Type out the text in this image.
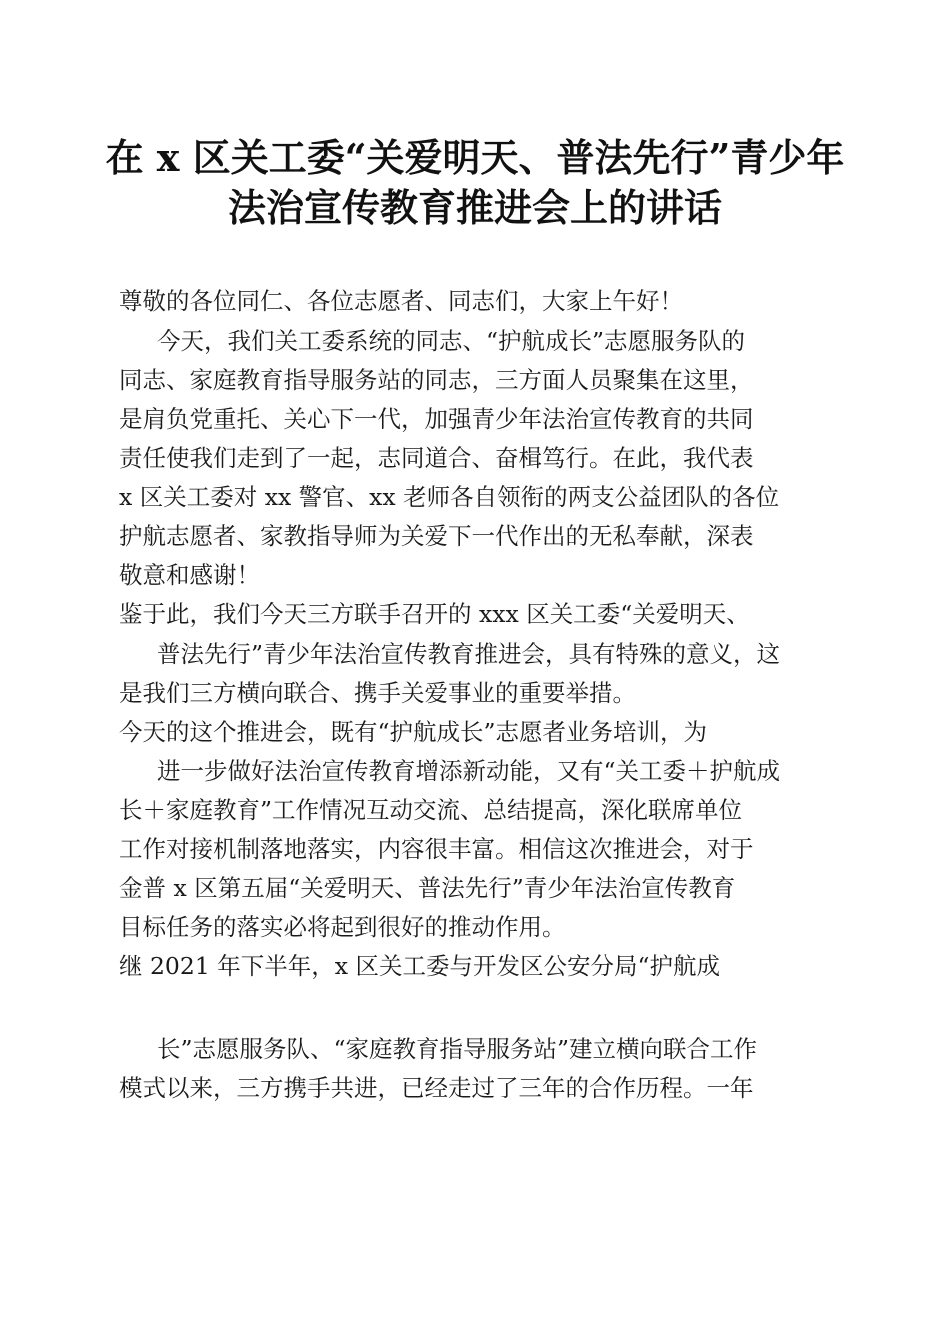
在 x 区关工委“关爱明天、普法先行”青少年
法治宣传教育推进会上的讲话

尊敬的各位同仁、各位志愿者、同志们，大家上午好！

今天，我们关工委系统的同志、“护航成长”志愿服务队的

同志、家庭教育指导服务站的同志，三方面人员聚集在这里，

是肩负党重托、关心下一代，加强青少年法治宣传教育的共同

责任使我们走到了一起，志同道合、奋楫笃行。在此，我代表

x 区关工委对 xx 警官、xx 老师各自领衔的两支公益团队的各位

护航志愿者、家教指导师为关爱下一代作出的无私奉献，深表

敬意和感谢！

鉴于此，我们今天三方联手召开的 xxx 区关工委“关爱明天、

普法先行”青少年法治宣传教育推进会，具有特殊的意义，这

是我们三方横向联合、携手关爱事业的重要举措。

今天的这个推进会，既有“护航成长”志愿者业务培训，为

进一步做好法治宣传教育增添新动能，又有“关工委＋护航成

长＋家庭教育”工作情况互动交流、总结提高，深化联席单位

工作对接机制落地落实，内容很丰富。相信这次推进会，对于

金普 x 区第五届“关爱明天、普法先行”青少年法治宣传教育

目标任务的落实必将起到很好的推动作用。

继 2021 年下半年，x 区关工委与开发区公安分局“护航成

长”志愿服务队、“家庭教育指导服务站”建立横向联合工作

模式以来，三方携手共进，已经走过了三年的合作历程。一年
